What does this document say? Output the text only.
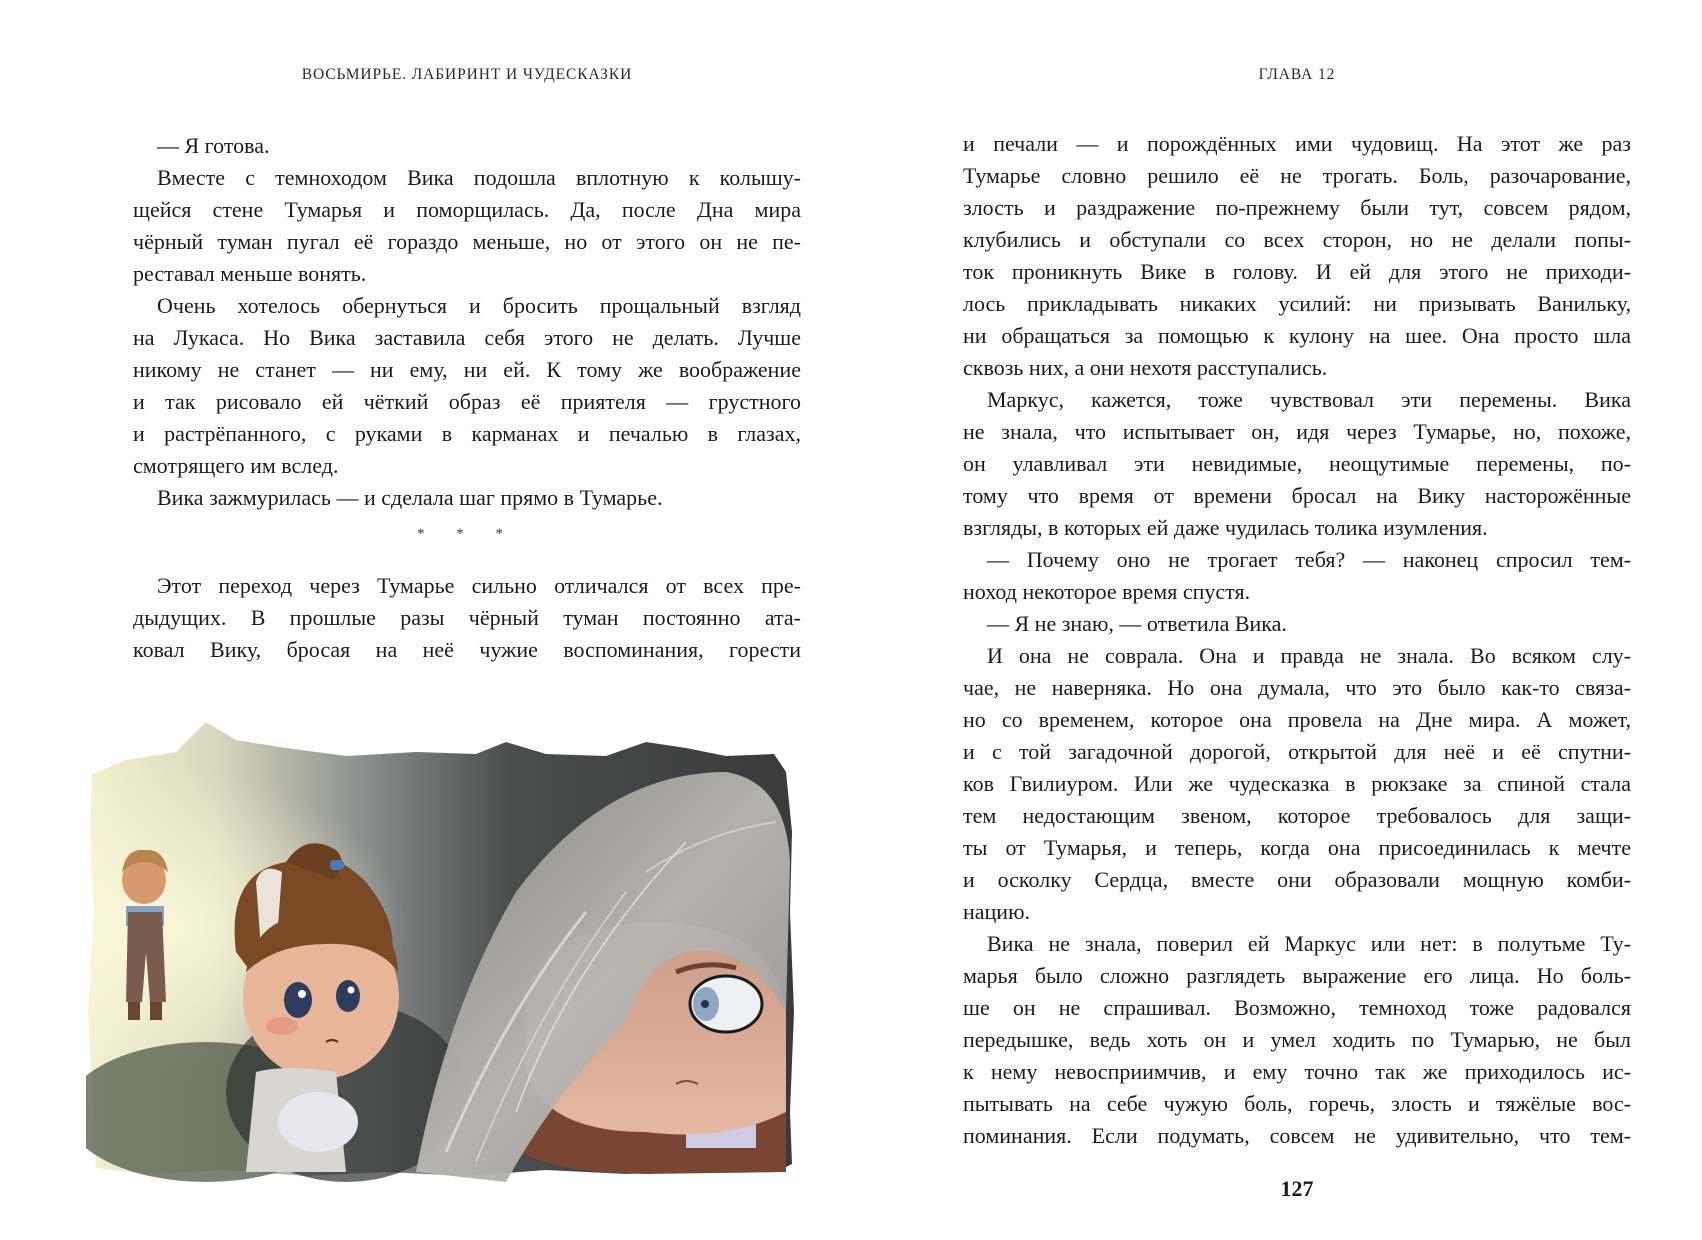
ВОСЬМИРЬЕ. ЛАБИРИНТ И ЧУДЕСКАЗКИ
— Я готова.
Вместе с темноходом Вика подошла вплотную к колышу-
щейся стене Тумарья и поморщилась. Да, после Дна мира
чёрный туман пугал её гораздо меньше, но от этого он не пе-
реставал меньше вонять.
Очень хотелось обернуться и бросить прощальный взгляд
на Лукаса. Но Вика заставила себя этого не делать. Лучше
никому не станет — ни ему, ни ей. К тому же воображение
и так рисовало ей чёткий образ её приятеля — грустного
и растрёпанного, с руками в карманах и печалью в глазах,
смотрящего им вслед.
Вика зажмурилась — и сделала шаг прямо в Тумарье.
* * *
Этот переход через Тумарье сильно отличался от всех пре-
дыдущих. В прошлые разы чёрный туман постоянно ата-
ковал Вику, бросая на неё чужие воспоминания, горести
ГЛАВА 12
и печали — и порождённых ими чудовищ. На этот же раз
Тумарье словно решило её не трогать. Боль, разочарование,
злость и раздражение по-прежнему были тут, совсем рядом,
клубились и обступали со всех сторон, но не делали попы-
ток проникнуть Вике в голову. И ей для этого не приходи-
лось прикладывать никаких усилий: ни призывать Ванильку,
ни обращаться за помощью к кулону на шее. Она просто шла
сквозь них, а они нехотя расступались.
Маркус, кажется, тоже чувствовал эти перемены. Вика
не знала, что испытывает он, идя через Тумарье, но, похоже,
он улавливал эти невидимые, неощутимые перемены, по-
тому что время от времени бросал на Вику насторожённые
взгляды, в которых ей даже чудилась толика изумления.
— Почему оно не трогает тебя? — наконец спросил тем-
ноход некоторое время спустя.
— Я не знаю, — ответила Вика.
И она не соврала. Она и правда не знала. Во всяком слу-
чае, не наверняка. Но она думала, что это было как-то связа-
но со временем, которое она провела на Дне мира. А может,
и с той загадочной дорогой, открытой для неё и её спутни-
ков Гвилиуром. Или же чудесказка в рюкзаке за спиной стала
тем недостающим звеном, которое требовалось для защи-
ты от Тумарья, и теперь, когда она присоединилась к мечте
и осколку Сердца, вместе они образовали мощную комби-
нацию.
Вика не знала, поверил ей Маркус или нет: в полутьме Ту-
марья было сложно разглядеть выражение его лица. Но боль-
ше он не спрашивал. Возможно, темноход тоже радовался
передышке, ведь хоть он и умел ходить по Тумарью, не был
к нему невосприимчив, и ему точно так же приходилось ис-
пытывать на себе чужую боль, горечь, злость и тяжёлые вос-
поминания. Если подумать, совсем не удивительно, что тем-
127
